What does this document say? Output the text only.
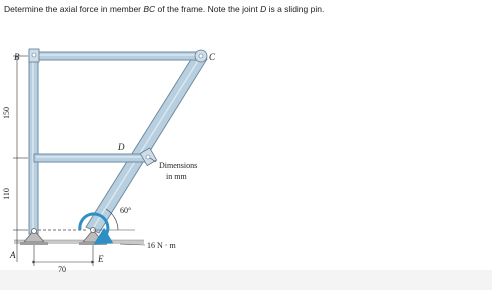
Determine the axial force in member BC of the frame. Note the joint D is a sliding pin.
B	C
D
A	E
150
110
70
60°
16 N · m
Dimensions
in mm
